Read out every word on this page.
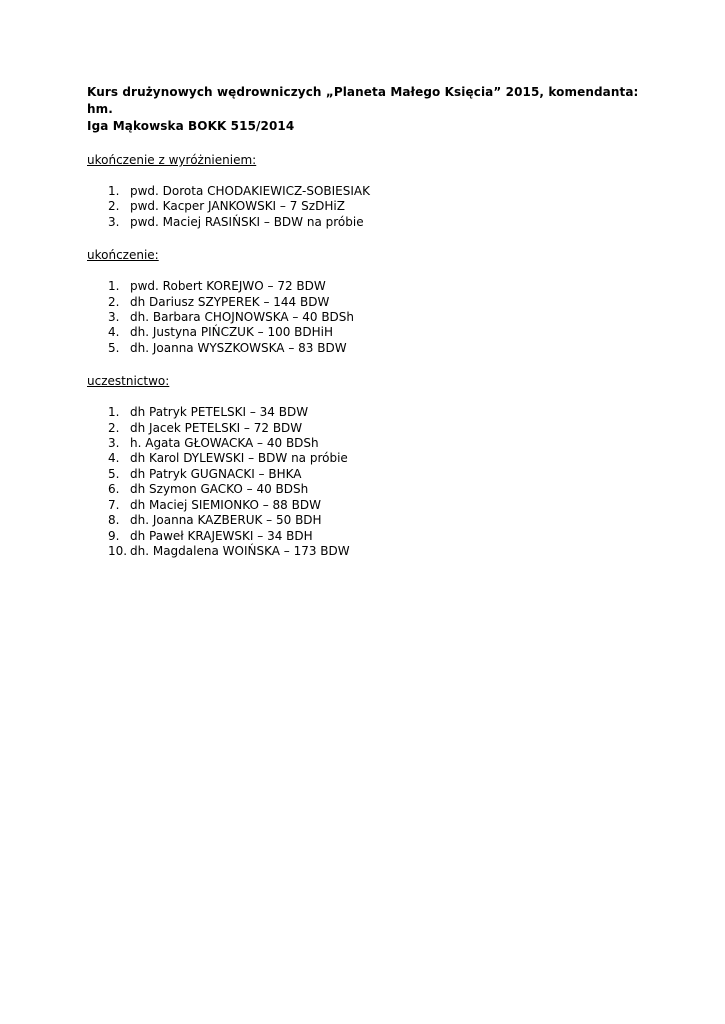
Kurs drużynowych wędrowniczych „Planeta Małego Księcia” 2015, komendanta: hm.
Iga Mąkowska BOKK 515/2014

ukończenie z wyróżnieniem:

1. pwd. Dorota CHODAKIEWICZ-SOBIESIAK
2. pwd. Kacper JANKOWSKI – 7 SzDHiZ
3. pwd. Maciej RASIŃSKI – BDW na próbie

ukończenie:

1. pwd. Robert KOREJWO – 72 BDW
2. dh Dariusz SZYPEREK – 144 BDW
3. dh. Barbara CHOJNOWSKA – 40 BDSh
4. dh. Justyna PIŃCZUK – 100 BDHiH
5. dh. Joanna WYSZKOWSKA – 83 BDW

uczestnictwo:

1. dh Patryk PETELSKI – 34 BDW
2. dh Jacek PETELSKI – 72 BDW
3. h. Agata GŁOWACKA – 40 BDSh
4. dh Karol DYLEWSKI – BDW na próbie
5. dh Patryk GUGNACKI – BHKA
6. dh Szymon GACKO – 40 BDSh
7. dh Maciej SIEMIONKO – 88 BDW
8. dh. Joanna KAZBERUK – 50 BDH
9. dh Paweł KRAJEWSKI – 34 BDH
10. dh. Magdalena WOIŃSKA – 173 BDW
